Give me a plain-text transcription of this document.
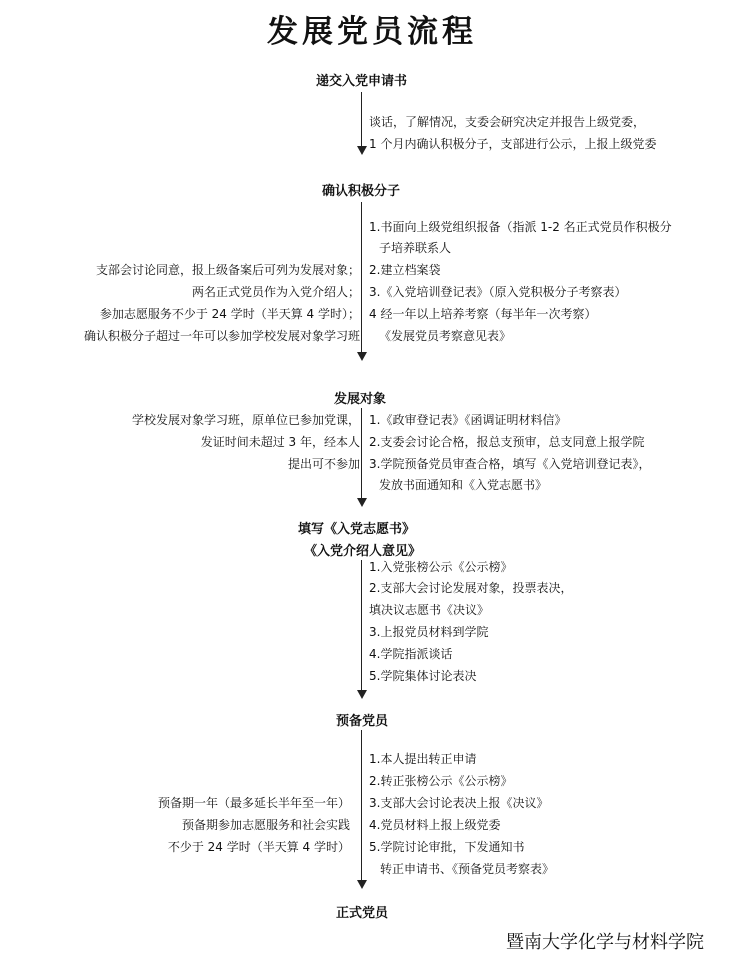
发展党员流程
递交入党申请书
确认积极分子
发展对象
填写《入党志愿书》
《入党介绍人意见》
预备党员
正式党员
谈话，了解情况，支委会研究决定并报告上级党委，
1 个月内确认积极分子，支部进行公示，上报上级党委
1.书面向上级党组织报备（指派 1-2 名正式党员作积极分
子培养联系人
2.建立档案袋
3.《入党培训登记表》（原入党积极分子考察表）
4 经一年以上培养考察（每半年一次考察）
《发展党员考察意见表》
支部会讨论同意，报上级备案后可列为发展对象；
两名正式党员作为入党介绍人；
参加志愿服务不少于 24 学时（半天算 4 学时）；
确认积极分子超过一年可以参加学校发展对象学习班
1.《政审登记表》《函调证明材料信》
2.支委会讨论合格，报总支预审，总支同意上报学院
3.学院预备党员审查合格，填写《入党培训登记表》，
发放书面通知和《入党志愿书》
学校发展对象学习班，原单位已参加党课，
发证时间未超过 3 年，经本人
提出可不参加
1.入党张榜公示《公示榜》
2.支部大会讨论发展对象，投票表决，
填决议志愿书《决议》
3.上报党员材料到学院
4.学院指派谈话
5.学院集体讨论表决
1.本人提出转正申请
2.转正张榜公示《公示榜》
3.支部大会讨论表决上报《决议》
4.党员材料上报上级党委
5.学院讨论审批，下发通知书
转正申请书、《预备党员考察表》
预备期一年（最多延长半年至一年）
预备期参加志愿服务和社会实践
不少于 24 学时（半天算 4 学时）
暨南大学化学与材料学院
